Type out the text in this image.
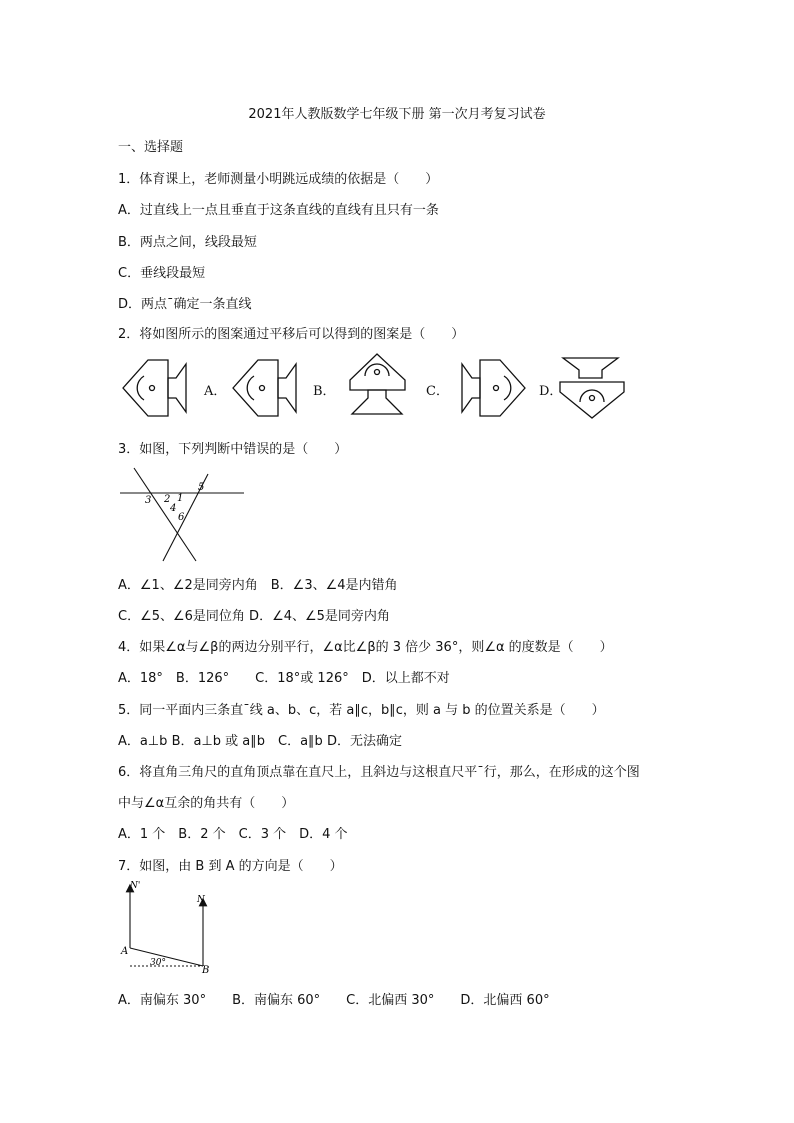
2021年人教版数学七年级下册 第一次月考复习试卷
一、选择题
1．体育课上，老师测量小明跳远成绩的依据是（　　）
A．过直线上一点且垂直于这条直线的直线有且只有一条
B．两点之间，线段最短
C．垂线段最短
D．两点ˉ确定一条直线
2．将如图所示的图案通过平移后可以得到的图案是（　　）
A．	B．	C．	D．
3．如图，下列判断中错误的是（　　）
3 2 1
5
4
6
A．∠1、∠2是同旁内角　B．∠3、∠4是内错角
C．∠5、∠6是同位角 D．∠4、∠5是同旁内角
4．如果∠α与∠β的两边分别平行，∠α比∠β的 3 倍少 36°，则∠α 的度数是（　　）
A．18°　B．126°　　C．18°或 126°　D．以上都不对
5．同一平面内三条直ˉ线 a、b、c，若 a∥c，b∥c，则 a 与 b 的位置关系是（　　）
A．a⊥b B．a⊥b 或 a∥b　C．a∥b D．无法确定
6．将直角三角尺的直角顶点靠在直尺上，且斜边与这根直尺平ˉ行，那么，在形成的这个图
中与∠α互余的角共有（　　）
A．1 个　B．2 个　C．3 个　D．4 个
7．如图，由 B 到 A 的方向是（　　）
N'
N
A
B
30°
A．南偏东 30°　　B．南偏东 60°　　C．北偏西 30°　　D．北偏西 60°
